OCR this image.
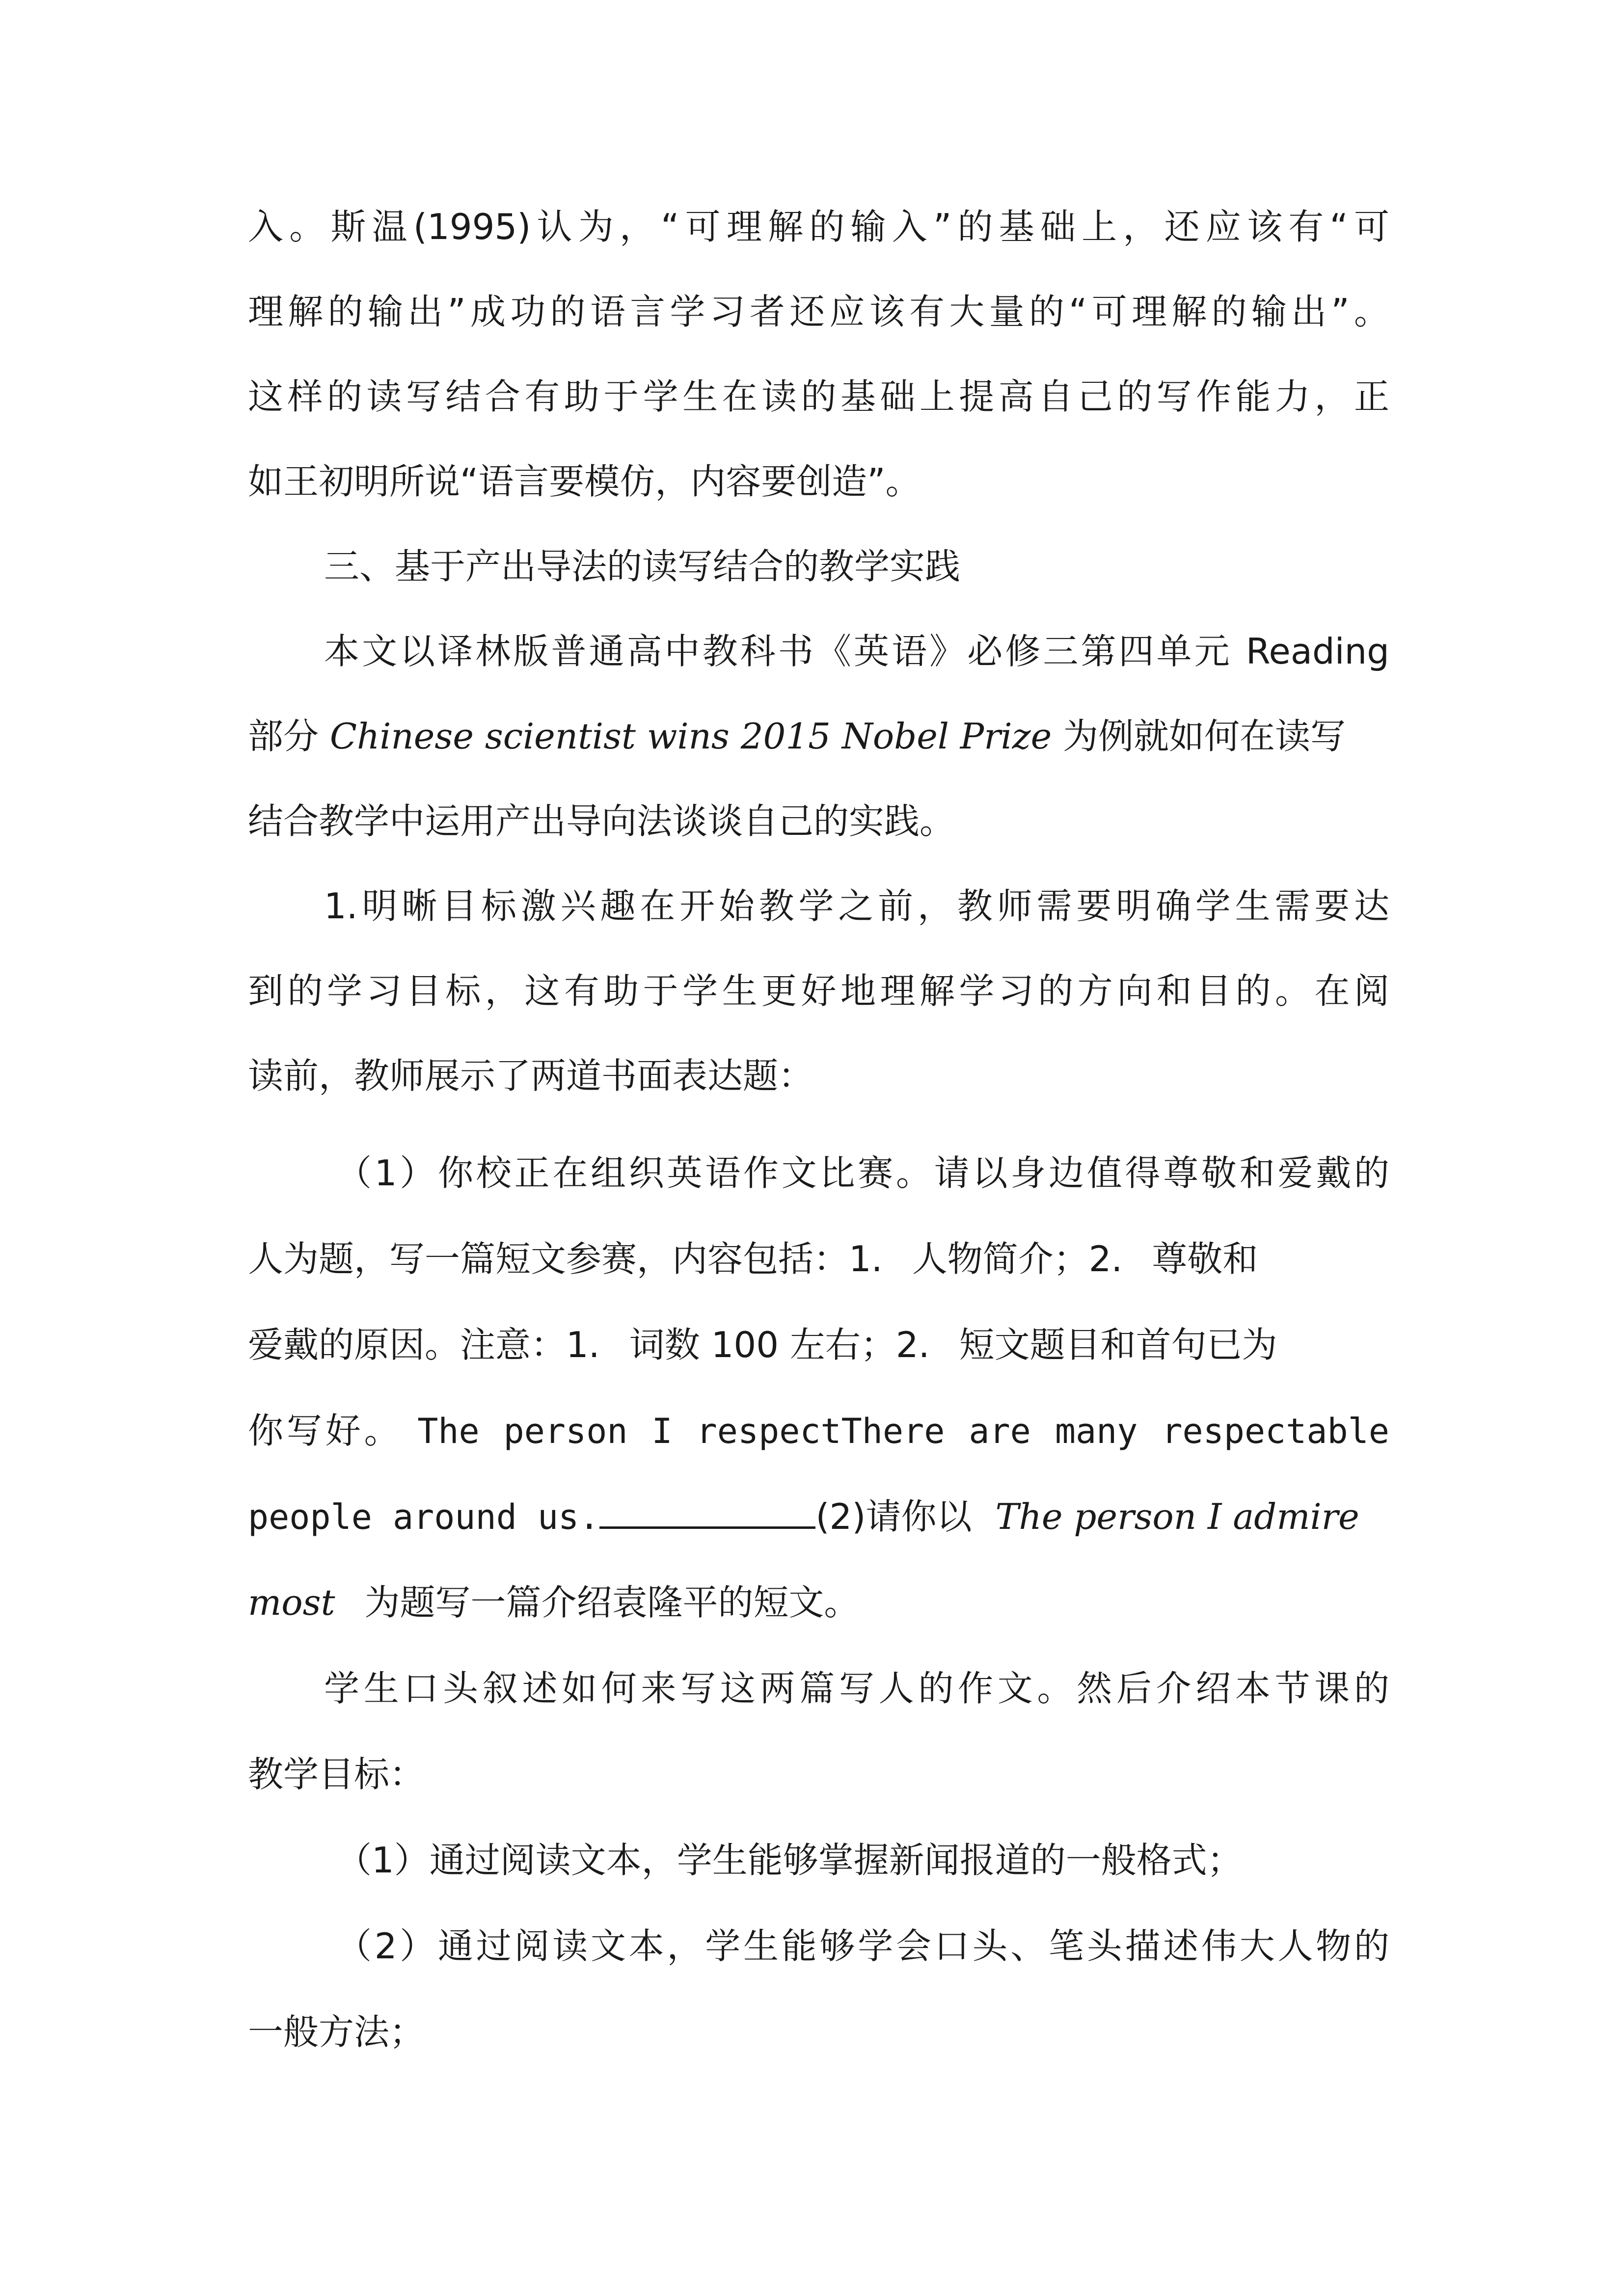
入。斯温(1995)认为，“可理解的输入”的基础上，还应该有“可
理解的输出”成功的语言学习者还应该有大量的“可理解的输出”。
这样的读写结合有助于学生在读的基础上提高自己的写作能力，正
如王初明所说“语言要模仿，内容要创造”。
三、基于产出导法的读写结合的教学实践
本文以译林版普通高中教科书《英语》必修三第四单元 Reading
部分 Chinese scientist wins 2015 Nobel Prize 为例就如何在读写
结合教学中运用产出导向法谈谈自己的实践。
1.明晰目标激兴趣在开始教学之前，教师需要明确学生需要达
到的学习目标，这有助于学生更好地理解学习的方向和目的。在阅
读前，教师展示了两道书面表达题：
（1）你校正在组织英语作文比赛。请以身边值得尊敬和爱戴的
人为题，写一篇短文参赛，内容包括：1. 人物简介；2. 尊敬和
爱戴的原因。注意：1. 词数 100 左右；2. 短文题目和首句已为
你写好。 The person I respectThere are many respectable
people around us.	(2)请你以 The person I admire
most 为题写一篇介绍袁隆平的短文。
学生口头叙述如何来写这两篇写人的作文。然后介绍本节课的
教学目标：
（1）通过阅读文本，学生能够掌握新闻报道的一般格式；
（2）通过阅读文本，学生能够学会口头、笔头描述伟大人物的
一般方法；
